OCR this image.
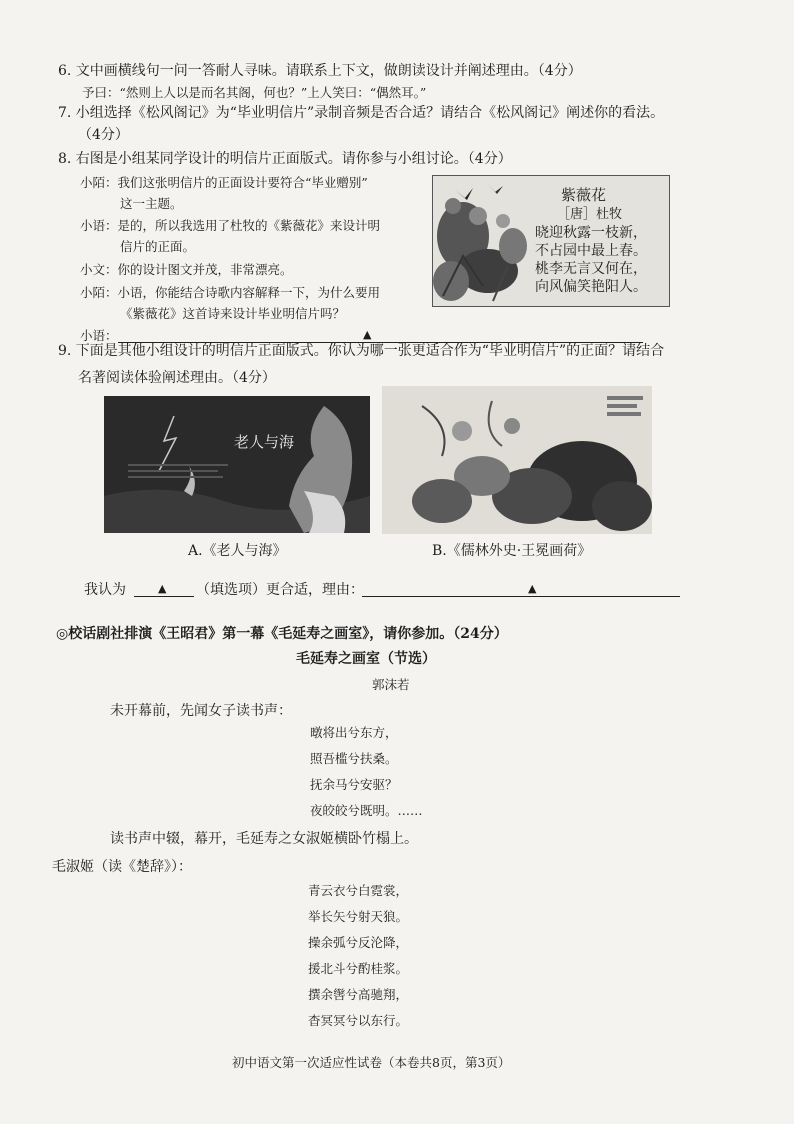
6. 文中画横线句一问一答耐人寻味。请联系上下文，做朗读设计并阐述理由。（4分）
予曰：“然则上人以是而名其阁，何也？”上人笑曰：“偶然耳。”
7. 小组选择《松风阁记》为“毕业明信片”录制音频是否合适？请结合《松风阁记》阐述你的看法。
（4分）
8. 右图是小组某同学设计的明信片正面版式。请你参与小组讨论。（4分）
小陌：我们这张明信片的正面设计要符合“毕业赠别”
这一主题。
小语：是的，所以我选用了杜牧的《紫薇花》来设计明
信片的正面。
小文：你的设计图文并茂，非常漂亮。
小陌：小语，你能结合诗歌内容解释一下，为什么要用
《紫薇花》这首诗来设计毕业明信片吗？
小语：	▲
紫薇花
［唐］杜牧
晓迎秋露一枝新，
不占园中最上春。
桃李无言又何在，
向风偏笑艳阳人。
9. 下面是其他小组设计的明信片正面版式。你认为哪一张更适合作为“毕业明信片”的正面？请结合
名著阅读体验阐述理由。（4分）
老人与海
A.《老人与海》	B.《儒林外史·王冕画荷》
我认为	▲ （填选项）更合适，理由：	▲
◎校话剧社排演《王昭君》第一幕《毛延寿之画室》，请你参加。（24分）
毛延寿之画室（节选）
郭沫若
未开幕前，先闻女子读书声：
暾将出兮东方，
照吾槛兮扶桑。
抚余马兮安驱？
夜皎皎兮既明。……
读书声中辍，幕开，毛延寿之女淑姬横卧竹榻上。
毛淑姬（读《楚辞》）：
青云衣兮白霓裳，
举长矢兮射天狼。
操余弧兮反沦降，
援北斗兮酌桂浆。
撰余辔兮高驰翔，
杳冥冥兮以东行。
初中语文第一次适应性试卷（本卷共8页，第3页）
